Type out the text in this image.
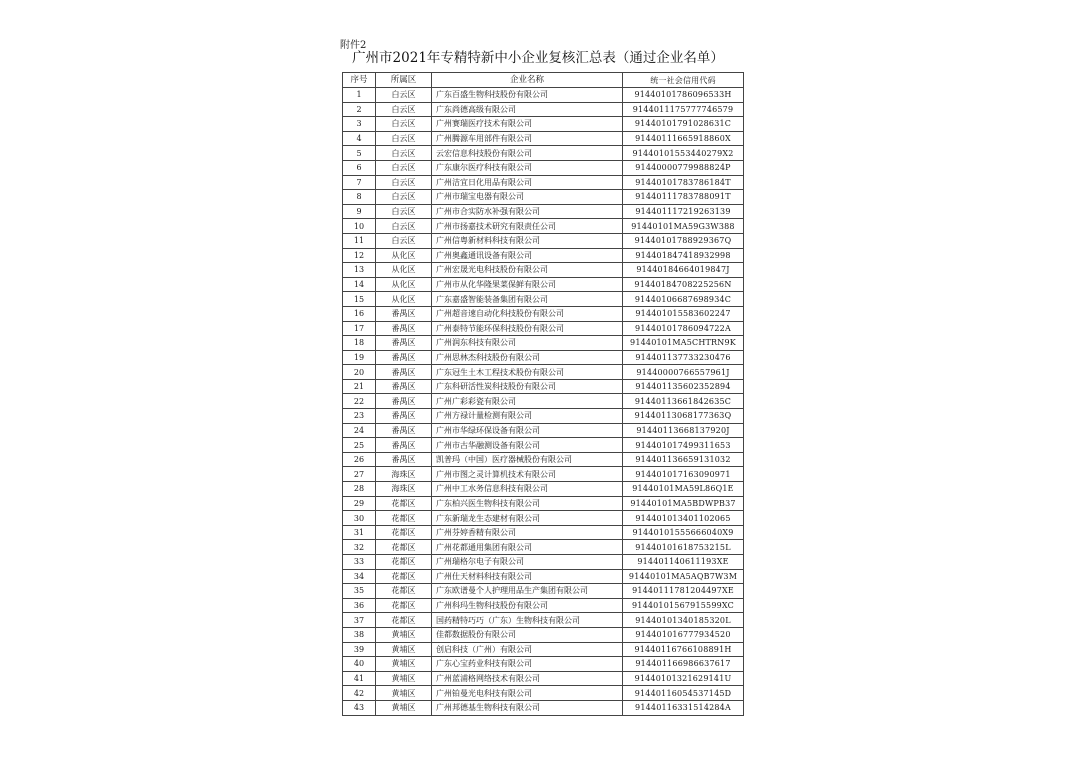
附件2
广州市2021年专精特新中小企业复核汇总表（通过企业名单）
序号	所属区	企业名称	统一社会信用代码
1	白云区	广东百盛生物科技股份有限公司	91440101786096533H
2	白云区	广东尚德高级有限公司	9144011175777746579
3	白云区	广州赛瑞医疗技术有限公司	91440101791028631C
4	白云区	广州腾源车用部件有限公司	91440111665918860X
5	白云区	云宏信息科技股份有限公司	91440101553440279X2
6	白云区	广东康尔医疗科技有限公司	91440000779988824P
7	白云区	广州洁宜日化用品有限公司	91440101783786184T
8	白云区	广州市瑞宝电器有限公司	91440111783788091T
9	白云区	广州市合实防水补强有限公司	914401117219263139
10	白云区	广州市扬嘉技术研究有限责任公司	91440101MA59G3W388
11	白云区	广州信粤新材料科技有限公司	91440101788929367Q
12	从化区	广州奥鑫通讯设备有限公司	914401847418932998
13	从化区	广州宏晟光电科技股份有限公司	91440184664019847J
14	从化区	广州市从化华隆果菜保鲜有限公司	91440184708225256N
15	从化区	广东嘉盛智能装备集团有限公司	91440106687698934C
16	番禺区	广州超音速自动化科技股份有限公司	914401015583602247
17	番禺区	广州泰特节能环保科技股份有限公司	91440101786094722A
18	番禺区	广州润东科技有限公司	91440101MA5CHTRN9K
19	番禺区	广州思林杰科技股份有限公司	914401137733230476
20	番禺区	广东冠生土木工程技术股份有限公司	91440000766557961J
21	番禺区	广东科研活性炭科技股份有限公司	914401135602352894
22	番禺区	广州广彩彩瓷有限公司	91440113661842635C
23	番禺区	广州方禄计量检测有限公司	91440113068177363Q
24	番禺区	广州市华绿环保设备有限公司	91440113668137920J
25	番禺区	广州市古华融测设备有限公司	914401017499311653
26	番禺区	凯普玛（中国）医疗器械股份有限公司	914401136659131032
27	海珠区	广州市图之灵计算机技术有限公司	914401017163090971
28	海珠区	广州中工水务信息科技有限公司	91440101MA59L86Q1E
29	花都区	广东柏兴医生物科技有限公司	91440101MA5BDWPB37
30	花都区	广东新瑞龙生态建材有限公司	914401013401102065
31	花都区	广州芬婷香精有限公司	91440101555666040X9
32	花都区	广州花都通用集团有限公司	91440101618753215L
33	花都区	广州瑞格尔电子有限公司	914401140611193XE
34	花都区	广州仕天材料科技有限公司	91440101MA5AQB7W3M
35	花都区	广东欧谱曼个人护理用品生产集团有限公司	91440111781204497XE
36	花都区	广州科玛生物科技股份有限公司	91440101567915599XC
37	花都区	国药精特巧巧（广东）生物科技有限公司	91440101340185320L
38	黄埔区	佳都数据股份有限公司	914401016777934520
39	黄埔区	创启科技（广州）有限公司	91440116766108891H
40	黄埔区	广东心宝药业科技有限公司	914401166986637617
41	黄埔区	广州蓝浦格网络技术有限公司	91440101321629141U
42	黄埔区	广州铂曼光电科技有限公司	91440116054537145D
43	黄埔区	广州邦德基生物科技有限公司	91440116331514284A
